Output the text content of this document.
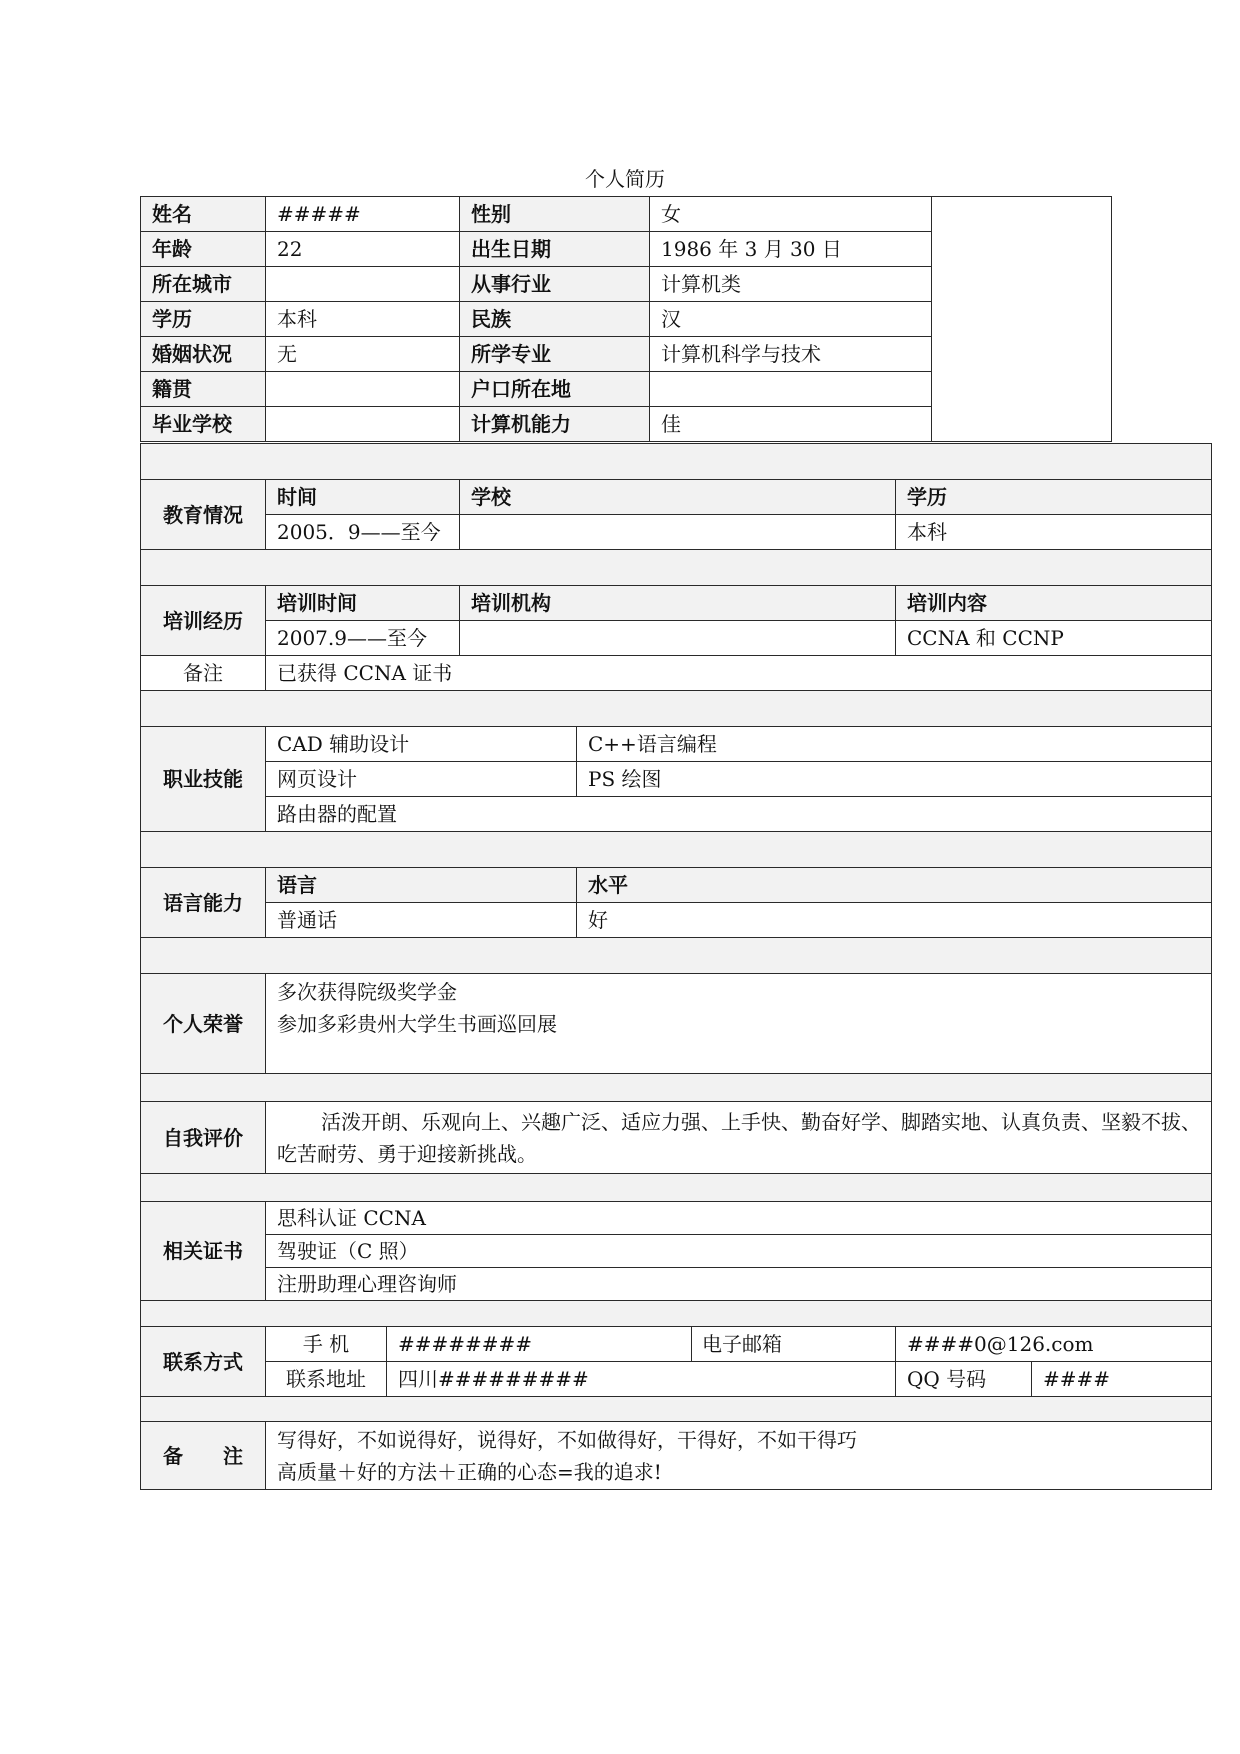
个人简历
姓名	#####	性别	女	
年龄	22	出生日期	1986 年 3 月 30 日	
所在城市		从事行业	计算机类	
学历	本科	民族	汉	
婚姻状况	无	所学专业	计算机科学与技术	
籍贯		户口所在地		
毕业学校		计算机能力	佳	

教育情况	时间		学校			学历	
	2005．9——至今					本科	

培训经历	培训时间		培训机构			培训内容	
	2007.9——至今					CCNA 和 CCNP	
备注	已获得 CCNA 证书						

职业技能	CAD 辅助设计			C++语言编程			
	网页设计			PS 绘图			
	路由器的配置						

语言能力	语言			水平			
	普通话			好			

个人荣誉	多次获得院级奖学金
参加多彩贵州大学生书画巡回展						

自我评价	活泼开朗、乐观向上、兴趣广泛、适应力强、上手快、勤奋好学、脚踏实地、认真负责、坚毅不拔、吃苦耐劳、勇于迎接新挑战。						

相关证书	思科认证 CCNA						
	驾驶证（C 照）						
	注册助理心理咨询师						

联系方式	手 机	########			电子邮箱	####0@126.com	
	联系地址	四川#########				QQ 号码	####

备　　注	写得好，不如说得好，说得好，不如做得好，干得好，不如干得巧
高质量＋好的方法＋正确的心态=我的追求!						
